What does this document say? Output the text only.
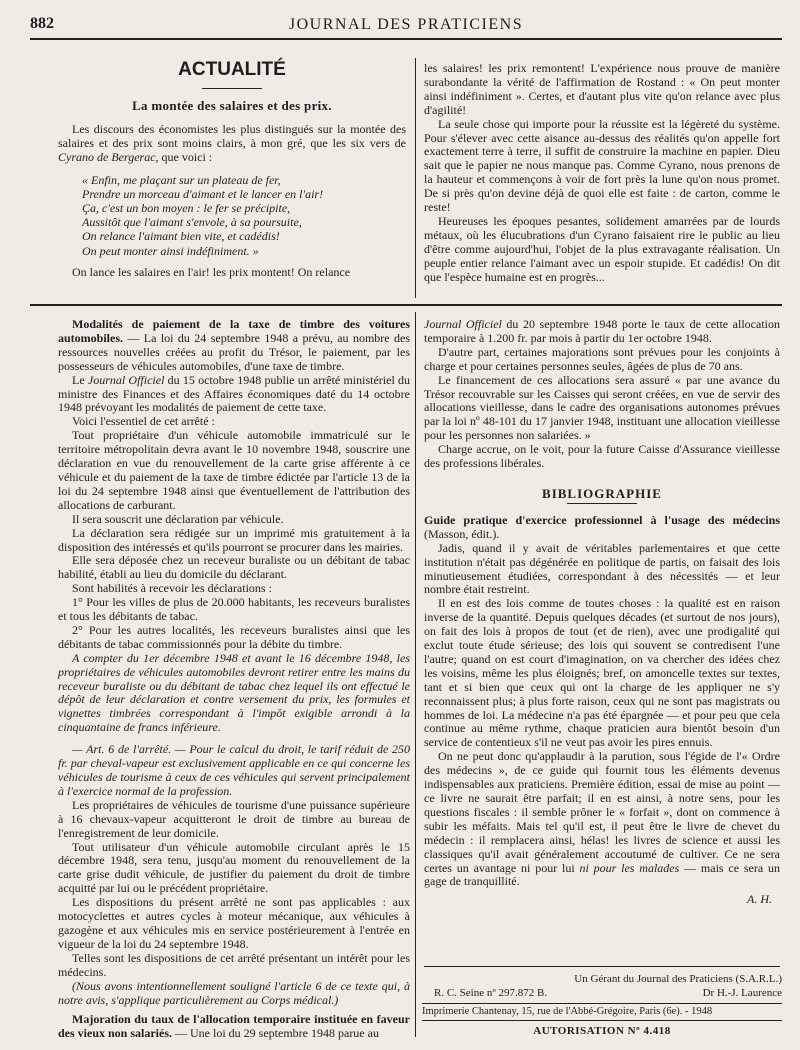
882	JOURNAL DES PRATICIENS
ACTUALITÉ
La montée des salaires et des prix.

Les discours des économistes les plus distingués sur la montée des salaires et des prix sont moins clairs, à mon gré, que les six vers de Cyrano de Bergerac, que voici :

« Enfin, me plaçant sur un plateau de fer,
Prendre un morceau d'aimant et le lancer en l'air!
Ça, c'est un bon moyen : le fer se précipite,
Aussitôt que l'aimant s'envole, à sa poursuite,
On relance l'aimant bien vite, et cadédis!
On peut monter ainsi indéfiniment. »

On lance les salaires en l'air! les prix montent! On relance

les salaires! les prix remontent! L'expérience nous prouve de manière surabondante la vérité de l'affirmation de Rostand : « On peut monter ainsi indéfiniment ». Certes, et d'autant plus vite qu'on relance avec plus d'agilité!

La seule chose qui importe pour la réussite est la légèreté du système. Pour s'élever avec cette aisance au-dessus des réalités qu'on appelle fort exactement terre à terre, il suffit de construire la machine en papier. Dieu sait que le papier ne nous manque pas. Comme Cyrano, nous prenons de la hauteur et commençons à voir de fort près la lune qu'on nous promet. De si près qu'on devine déjà de quoi elle est faite : de carton, comme le reste!

Heureuses les époques pesantes, solidement amarrées par de lourds métaux, où les élucubrations d'un Cyrano faisaient rire le public au lieu d'être comme aujourd'hui, l'objet de la plus extravagante réalisation. Un peuple entier relance l'aimant avec un espoir stupide. Et cadédis! On dit que l'espèce humaine est en progrès...

Modalités de paiement de la taxe de timbre des voitures automobiles. — La loi du 24 septembre 1948 a prévu, au nombre des ressources nouvelles créées au profit du Trésor, le paiement, par les possesseurs de véhicules automobiles, d'une taxe de timbre.

Le Journal Officiel du 15 octobre 1948 publie un arrêté ministériel du ministre des Finances et des Affaires économiques daté du 14 octobre 1948 prévoyant les modalités de paiement de cette taxe.

Voici l'essentiel de cet arrêté :

Tout propriétaire d'un véhicule automobile immatriculé sur le territoire métropolitain devra avant le 10 novembre 1948, souscrire une déclaration en vue du renouvellement de la carte grise afférente à ce véhicule et du paiement de la taxe de timbre édictée par l'article 13 de la loi du 24 septembre 1948 ainsi que éventuellement de l'attribution des allocations de carburant.

Il sera souscrit une déclaration par véhicule.

La déclaration sera rédigée sur un imprimé mis gratuitement à la disposition des intéressés et qu'ils pourront se procurer dans les mairies.

Elle sera déposée chez un receveur buraliste ou un débitant de tabac habilité, établi au lieu du domicile du déclarant.

Sont habilités à recevoir les déclarations :

1° Pour les villes de plus de 20.000 habitants, les receveurs buralistes et tous les débitants de tabac.

2° Pour les autres localités, les receveurs buralistes ainsi que les débitants de tabac commissionnés pour la débite du timbre.

A compter du 1er décembre 1948 et avant le 16 décembre 1948, les propriétaires de véhicules automobiles devront retirer entre les mains du receveur buraliste ou du débitant de tabac chez lequel ils ont effectué le dépôt de leur déclaration et contre versement du prix, les formules et vignettes timbrées correspondant à l'impôt exigible arrondi à la cinquantaine de francs inférieure.

— Art. 6 de l'arrêté. — Pour le calcul du droit, le tarif réduit de 250 fr. par cheval-vapeur est exclusivement applicable en ce qui concerne les véhicules de tourisme à ceux de ces véhicules qui servent principalement à l'exercice normal de la profession.

Les propriétaires de véhicules de tourisme d'une puissance supérieure à 16 chevaux-vapeur acquitteront le droit de timbre au bureau de l'enregistrement de leur domicile.

Tout utilisateur d'un véhicule automobile circulant après le 15 décembre 1948, sera tenu, jusqu'au moment du renouvellement de la carte grise dudit véhicule, de justifier du paiement du droit de timbre acquitté par lui ou le précédent propriétaire.

Les dispositions du présent arrêté ne sont pas applicables : aux motocyclettes et autres cycles à moteur mécanique, aux véhicules à gazogène et aux véhicules mis en service postérieurement à l'entrée en vigueur de la loi du 24 septembre 1948.

Telles sont les dispositions de cet arrêté présentant un intérêt pour les médecins.

(Nous avons intentionnellement souligné l'article 6 de ce texte qui, à notre avis, s'applique particulièrement au Corps médical.)

Majoration du taux de l'allocation temporaire instituée en faveur des vieux non salariés. — Une loi du 29 septembre 1948 parue au

Journal Officiel du 20 septembre 1948 porte le taux de cette allocation temporaire à 1.200 fr. par mois à partir du 1er octobre 1948.

D'autre part, certaines majorations sont prévues pour les conjoints à charge et pour certaines personnes seules, âgées de plus de 70 ans.

Le financement de ces allocations sera assuré « par une avance du Trésor recouvrable sur les Caisses qui seront créées, en vue de servir des allocations vieillesse, dans le cadre des organisations autonomes prévues par la loi nº 48-101 du 17 janvier 1948, instituant une allocation vieillesse pour les personnes non salariées. »

Charge accrue, on le voit, pour la future Caisse d'Assurance vieillesse des professions libérales.

BIBLIOGRAPHIE

Guide pratique d'exercice professionnel à l'usage des médecins (Masson, édit.).

Jadis, quand il y avait de véritables parlementaires et que cette institution n'était pas dégénérée en politique de partis, on faisait des lois minutieusement étudiées, correspondant à des nécessités — et leur nombre était restreint.

Il en est des lois comme de toutes choses : la qualité est en raison inverse de la quantité. Depuis quelques décades (et surtout de nos jours), on fait des lois à propos de tout (et de rien), avec une prodigalité qui exclut toute étude sérieuse; des lois qui souvent se contredisent l'une l'autre; quand on est court d'imagination, on va chercher des idées chez les voisins, même les plus éloignés; bref, on amoncelle textes sur textes, tant et si bien que ceux qui ont la charge de les appliquer ne s'y reconnaissent plus; à plus forte raison, ceux qui ne sont pas magistrats ou hommes de loi. La médecine n'a pas été épargnée — et pour peu que cela continue au même rythme, chaque praticien aura bientôt besoin d'un service de contentieux s'il ne veut pas avoir les pires ennuis.

On ne peut donc qu'applaudir à la parution, sous l'égide de l'« Ordre des médecins », de ce guide qui fournit tous les éléments devenus indispensables aux praticiens. Première édition, essai de mise au point — ce livre ne saurait être parfait; il en est ainsi, à notre sens, pour les questions fiscales : il semble prôner le « forfait », dont on commence à subir les méfaits. Mais tel qu'il est, il peut être le livre de chevet du médecin : il remplacera ainsi, hélas! les livres de science et aussi les classiques qu'il avait généralement accoutumé de cultiver. Ce ne sera certes un avantage ni pour lui ni pour les malades — mais ce sera un gage de tranquillité.

A. H.
Un Gérant du Journal des Praticiens (S.A.R.L.)
R. C. Seine nº 297.872 B.	Dr H.-J. Laurence
Imprimerie Chantenay, 15, rue de l'Abbé-Grégoire, Paris (6e). - 1948
AUTORISATION Nº 4.418
